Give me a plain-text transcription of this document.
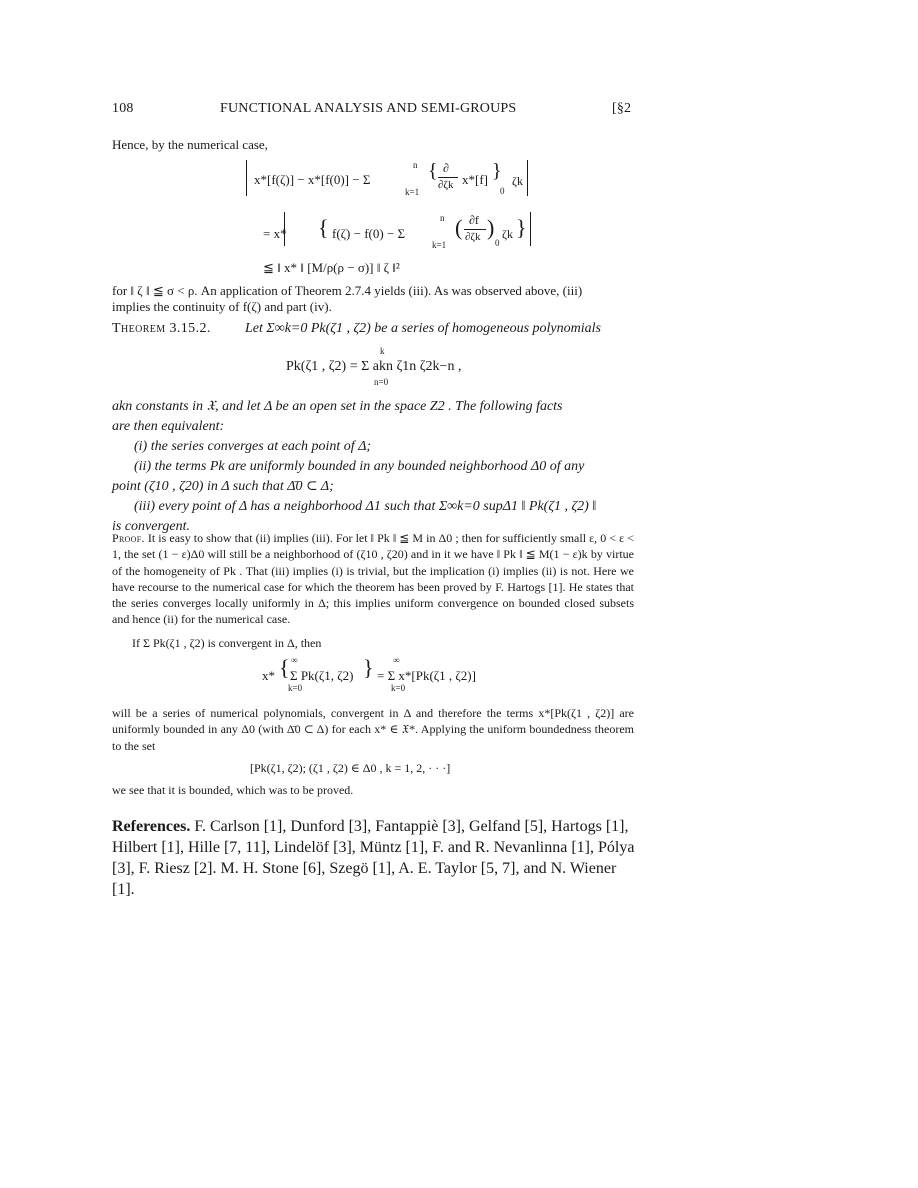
108	FUNCTIONAL ANALYSIS AND SEMI-GROUPS	[§2
Hence, by the numerical case,
x*[f(ζ)] − x*[f(0)] − Σ
n
k=1
{ ∂
∂ζk x*[f] }
0
ζk
= x* { f(ζ) − f(0) − Σ
n
k=1
( ∂f
∂ζk )
0
ζk }
≦ ‖ x* ‖ [M/ρ(ρ − σ)] ‖ ζ ‖²
for ‖ ζ ‖ ≦ σ < ρ. An application of Theorem 2.7.4 yields (iii). As was observed above, (iii)
implies the continuity of f(ζ) and part (iv).
Theorem 3.15.2. Let Σ∞k=0 Pk(ζ1 , ζ2) be a series of homogeneous polynomials
Pk(ζ1 , ζ2) = Σ akn ζ1n ζ2k−n ,
k
n=0
akn constants in 𝔛, and let Δ be an open set in the space Z2 . The following facts
are then equivalent:
(i) the series converges at each point of Δ;
(ii) the terms Pk are uniformly bounded in any bounded neighborhood Δ0 of any
point (ζ10 , ζ20) in Δ such that Δ̄0 ⊂ Δ;
(iii) every point of Δ has a neighborhood Δ1 such that Σ∞k=0 supΔ1 ‖ Pk(ζ1 , ζ2) ‖
is convergent.
Proof. It is easy to show that (ii) implies (iii). For let ‖ Pk ‖ ≦ M in Δ0 ; then for sufficiently small ε, 0 < ε < 1, the set (1 − ε)Δ0 will still be a neighborhood of (ζ10 , ζ20) and in it we have ‖ Pk ‖ ≦ M(1 − ε)k by virtue of the homogeneity of Pk . That (iii) implies (i) is trivial, but the implication (i) implies (ii) is not. Here we have recourse to the numerical case for which the theorem has been proved by F. Hartogs [1]. He states that the series converges locally uniformly in Δ; this implies uniform convergence on bounded closed subsets and hence (ii) for the numerical case.
If Σ Pk(ζ1 , ζ2) is convergent in Δ, then
x* { ∞
Σ Pk(ζ1, ζ2)
k=0
} ∞
= Σ x*[Pk(ζ1 , ζ2)]
k=0
will be a series of numerical polynomials, convergent in Δ and therefore the terms x*[Pk(ζ1 , ζ2)] are uniformly bounded in any Δ0 (with Δ̄0 ⊂ Δ) for each x* ∈ 𝔛*. Applying the uniform boundedness theorem to the set
[Pk(ζ1, ζ2); (ζ1 , ζ2) ∈ Δ0 , k = 1, 2, · · ·]
we see that it is bounded, which was to be proved.
References. F. Carlson [1], Dunford [3], Fantappiè [3], Gelfand [5], Hartogs [1], Hilbert [1], Hille [7, 11], Lindelöf [3], Müntz [1], F. and R. Nevanlinna [1], Pólya [3], F. Riesz [2]. M. H. Stone [6], Szegö [1], A. E. Taylor [5, 7], and N. Wiener [1].
